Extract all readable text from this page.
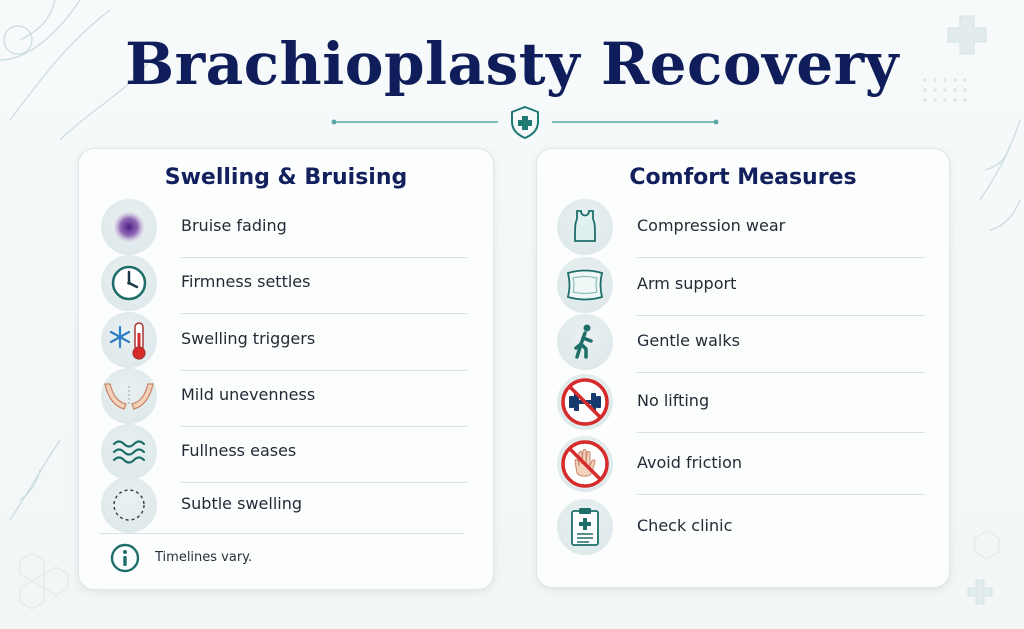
Brachioplasty Recovery
Swelling & Bruising
Bruise fading
Firmness settles
Swelling triggers
Mild unevenness
Fullness eases
Subtle swelling
Timelines vary.
Comfort Measures
Compression wear
Arm support
Gentle walks
No lifting
Avoid friction
Check clinic
